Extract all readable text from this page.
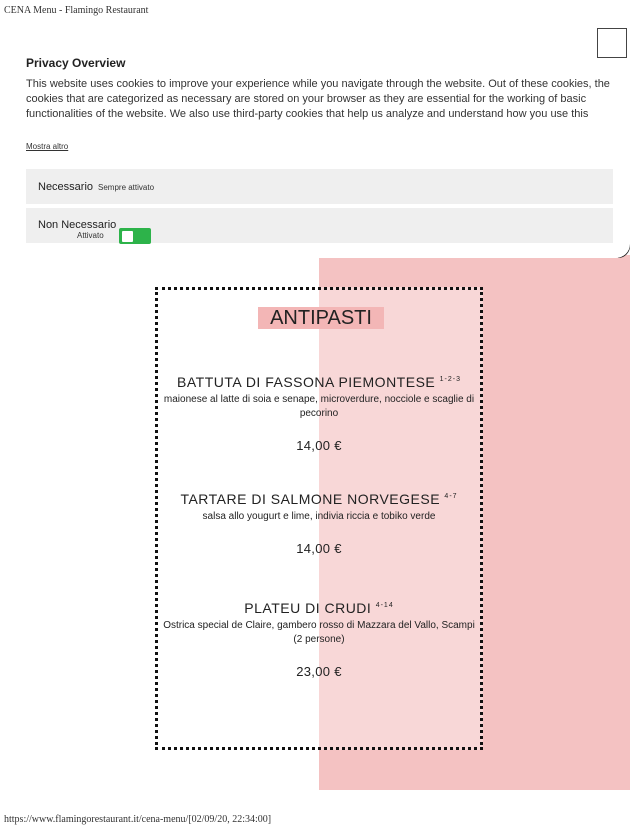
CENA Menu - Flamingo Restaurant
Privacy Overview
This website uses cookies to improve your experience while you navigate through the website. Out of these cookies, the cookies that are categorized as necessary are stored on your browser as they are essential for the working of basic functionalities of the website. We also use third-party cookies that help us analyze and understand how you use this
Mostra altro
Necessario Sempre attivato
Non Necessario
Attivato
ANTIPASTI
BATTUTA DI FASSONA PIEMONTESE $^{1-2-3}$
maionese al latte di soia e senape, microverdure, nocciole e scaglie di pecorino
14,00 €
TARTARE DI SALMONE NORVEGESE $^{4-7}$
salsa allo yougurt e lime, indivia riccia e tobiko verde
14,00 €
PLATEU DI CRUDI $^{4-14}$
Ostrica special de Claire, gambero rosso di Mazzara del Vallo, Scampi (2 persone)
23,00 €
https://www.flamingorestaurant.it/cena-menu/[02/09/20, 22:34:00]
